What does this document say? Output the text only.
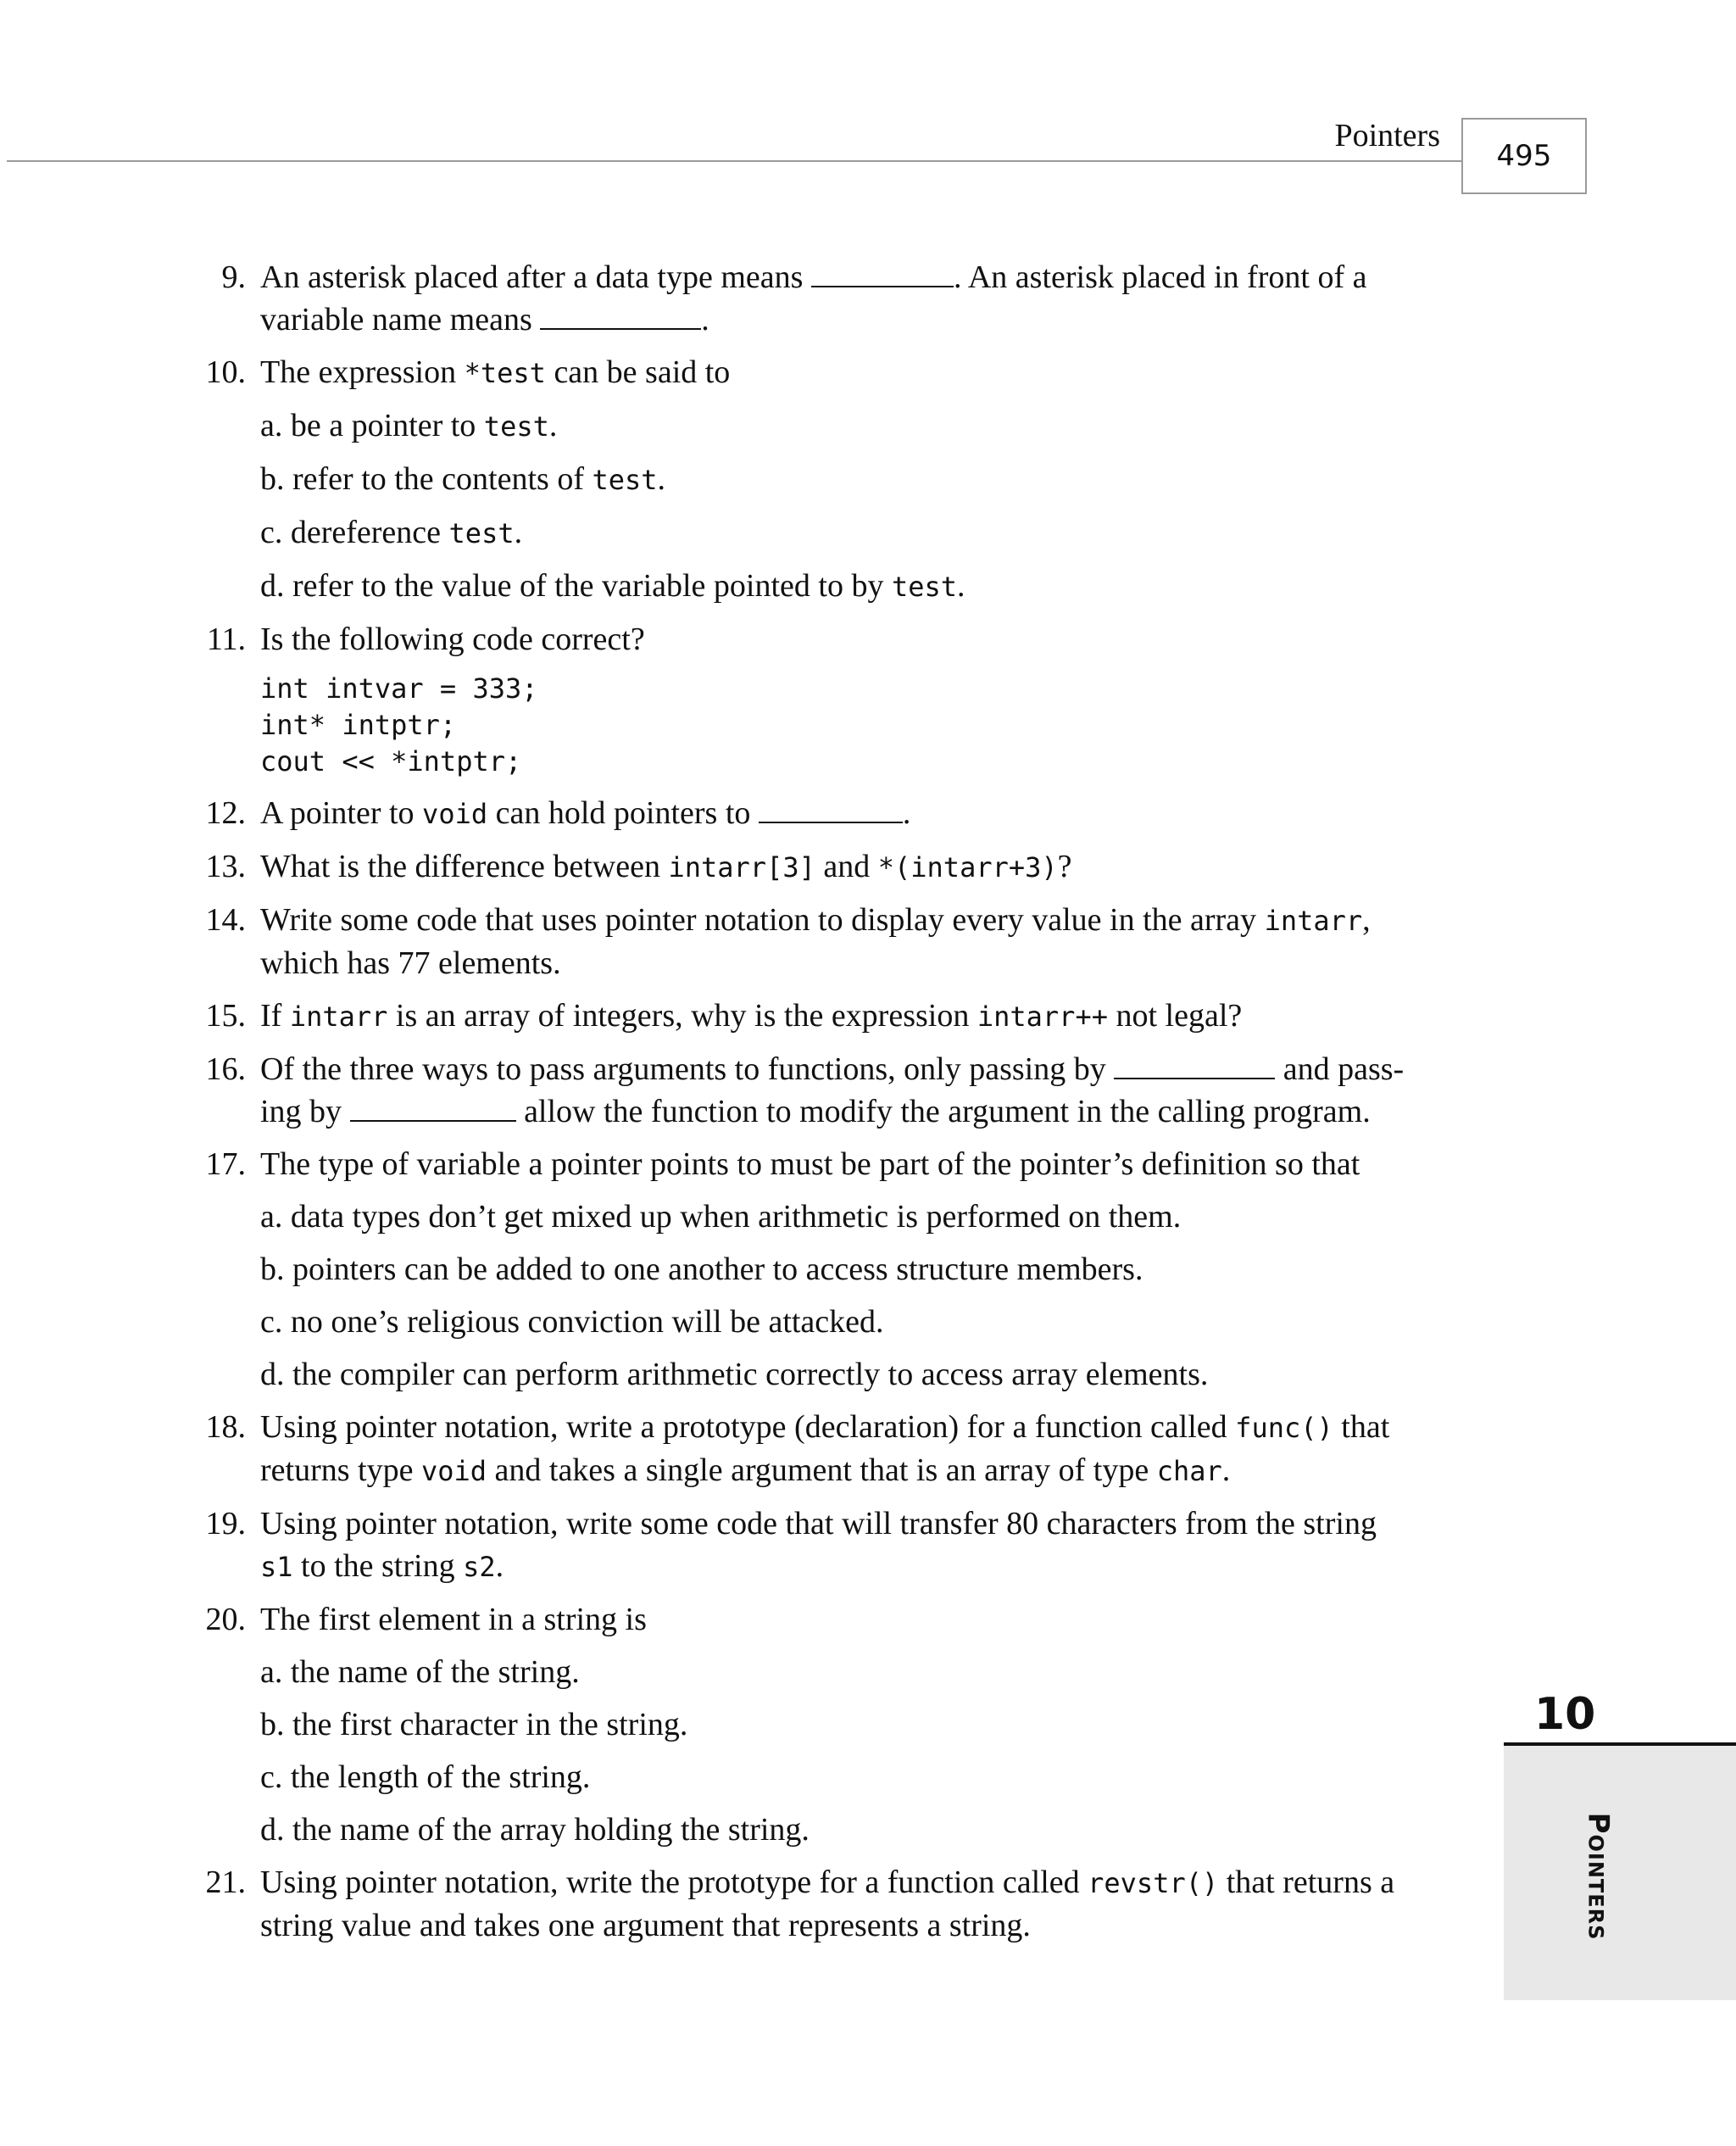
Pointers
495
9. An asterisk placed after a data type means	. An asterisk placed in front of a
variable name means	.
10. The expression *test can be said to
a. be a pointer to test.
b. refer to the contents of test.
c. dereference test.
d. refer to the value of the variable pointed to by test.
11. Is the following code correct?
int intvar = 333;
int* intptr;
cout << *intptr;
12. A pointer to void can hold pointers to	.
13. What is the difference between intarr[3] and *(intarr+3)?
14. Write some code that uses pointer notation to display every value in the array intarr,
which has 77 elements.
15. If intarr is an array of integers, why is the expression intarr++ not legal?
16. Of the three ways to pass arguments to functions, only passing by	and pass-
ing by	allow the function to modify the argument in the calling program.
17. The type of variable a pointer points to must be part of the pointer’s definition so that
a. data types don’t get mixed up when arithmetic is performed on them.
b. pointers can be added to one another to access structure members.
c. no one’s religious conviction will be attacked.
d. the compiler can perform arithmetic correctly to access array elements.
18. Using pointer notation, write a prototype (declaration) for a function called func() that
returns type void and takes a single argument that is an array of type char.
19. Using pointer notation, write some code that will transfer 80 characters from the string
s1 to the string s2.
20. The first element in a string is
a. the name of the string.
b. the first character in the string.
c. the length of the string.
d. the name of the array holding the string.
21. Using pointer notation, write the prototype for a function called revstr() that returns a
string value and takes one argument that represents a string.
10
Pointers
